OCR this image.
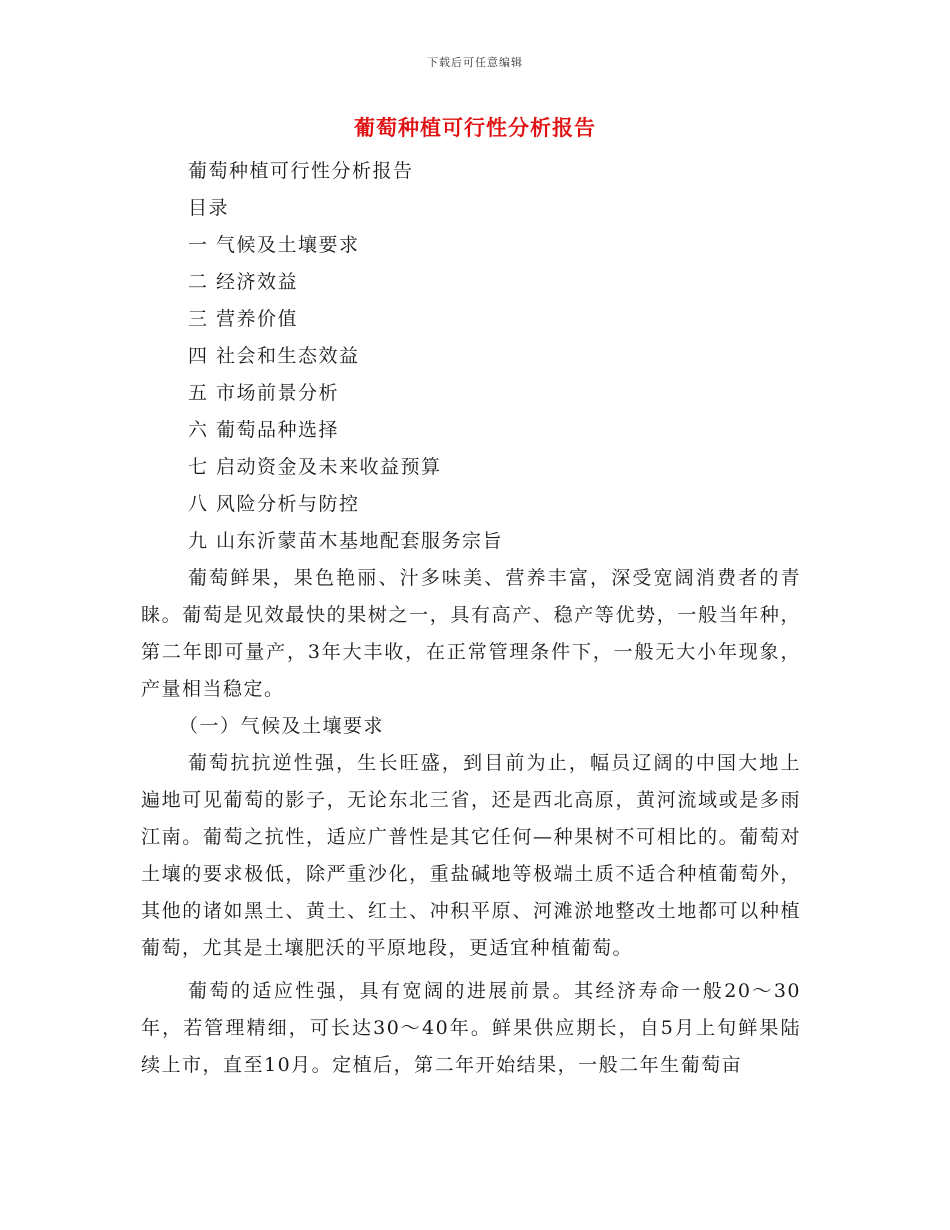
下载后可任意编辑
葡萄种植可行性分析报告
葡萄种植可行性分析报告
目录
一 气候及土壤要求
二 经济效益
三 营养价值
四 社会和生态效益
五 市场前景分析
六 葡萄品种选择
七 启动资金及未来收益预算
八 风险分析与防控
九 山东沂蒙苗木基地配套服务宗旨
葡萄鲜果，果色艳丽、汁多味美、营养丰富，深受宽阔消费者的青睐。葡萄是见效最快的果树之一，具有高产、稳产等优势，一般当年种，第二年即可量产，3年大丰收，在正常管理条件下，一般无大小年现象，产量相当稳定。
（一）气候及土壤要求
葡萄抗抗逆性强，生长旺盛，到目前为止，幅员辽阔的中国大地上遍地可见葡萄的影子，无论东北三省，还是西北高原，黄河流域或是多雨江南。葡萄之抗性，适应广普性是其它任何—种果树不可相比的。葡萄对土壤的要求极低，除严重沙化，重盐碱地等极端土质不适合种植葡萄外，其他的诸如黑土、黄土、红土、冲积平原、河滩淤地整改土地都可以种植葡萄，尤其是土壤肥沃的平原地段，更适宜种植葡萄。
葡萄的适应性强，具有宽阔的进展前景。其经济寿命一般20～30年，若管理精细，可长达30～40年。鲜果供应期长，自5月上旬鲜果陆续上市，直至10月。定植后，第二年开始结果，一般二年生葡萄亩
